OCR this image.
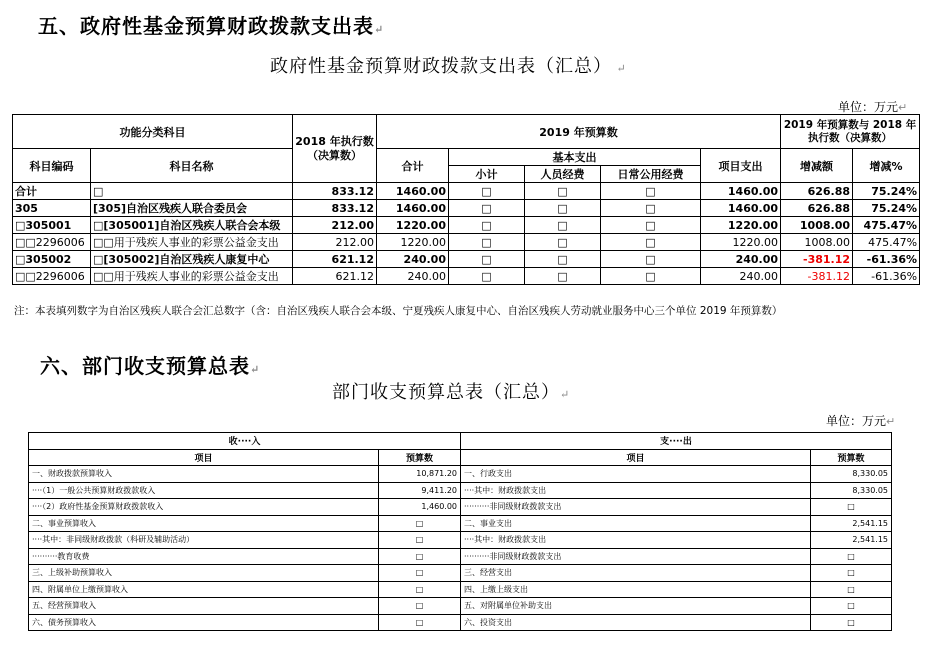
五、政府性基金预算财政拨款支出表↵
政府性基金预算财政拨款支出表（汇总） ↵
单位：万元↵
功能分类科目		2018 年执行数（决算数）	2019 年预算数					2019 年预算数与 2018 年执行数（决算数）	
科目编码	科目名称		合计	基本支出			项目支出	增减额	增减%
				小计	人员经费	日常公用经费			
合计	□	833.12	1460.00	□	□	□	1460.00	626.88	75.24%
305	[305]自治区残疾人联合委员会	833.12	1460.00	□	□	□	1460.00	626.88	75.24%
□305001	□[305001]自治区残疾人联合会本级	212.00	1220.00	□	□	□	1220.00	1008.00	475.47%
□□2296006	□□用于残疾人事业的彩票公益金支出	212.00	1220.00	□	□	□	1220.00	1008.00	475.47%
□305002	□[305002]自治区残疾人康复中心	621.12	240.00	□	□	□	240.00	-381.12	-61.36%
□□2296006	□□用于残疾人事业的彩票公益金支出	621.12	240.00	□	□	□	240.00	-381.12	-61.36%
注：本表填列数字为自治区残疾人联合会汇总数字（含：自治区残疾人联合会本级、宁夏残疾人康复中心、自治区残疾人劳动就业服务中心三个单位 2019 年预算数）
六、部门收支预算总表↵
部门收支预算总表（汇总）↵
单位：万元↵
收····入		支····出	
项目	预算数	项目	预算数
一、财政拨款预算收入	10,871.20	一、行政支出	8,330.05
····（1）一般公共预算财政拨款收入	9,411.20	····其中：财政拨款支出	8,330.05
····（2）政府性基金预算财政拨款收入	1,460.00	··········非同级财政拨款支出	□
二、事业预算收入	□	二、事业支出	2,541.15
····其中：非同级财政拨款（科研及辅助活动）	□	····其中：财政拨款支出	2,541.15
··········教育收费	□	··········非同级财政拨款支出	□
三、上级补助预算收入	□	三、经营支出	□
四、附属单位上缴预算收入	□	四、上缴上级支出	□
五、经营预算收入	□	五、对附属单位补助支出	□
六、债务预算收入	□	六、投资支出	□
